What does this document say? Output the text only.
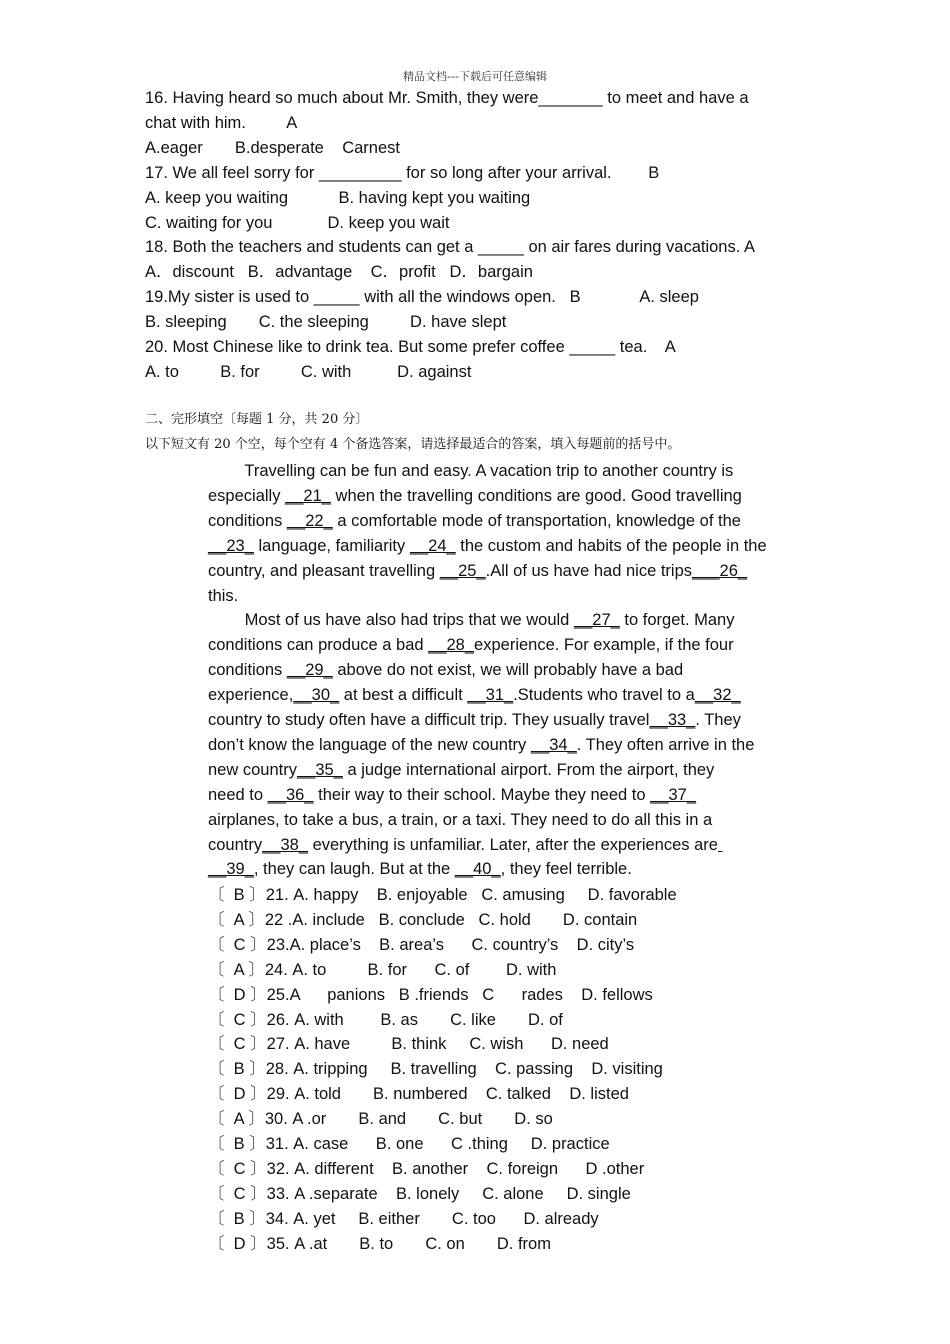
精品文档---下载后可任意编辑
16. Having heard so much about Mr. Smith, they were_______ to meet and have a
chat with him.         A
A.eager       B.desperate    Carnest
17. We all feel sorry for _________ for so long after your arrival.        B
A. keep you waiting           B. having kept you waiting
C. waiting for you            D. keep you wait
18. Both the teachers and students can get a _____ on air fares during vacations. A
A．discount   B．advantage    C．profit   D．bargain
19.My sister is used to _____ with all the windows open.   B             A. sleep
B. sleeping       C. the sleeping         D. have slept
20. Most Chinese like to drink tea. But some prefer coffee _____ tea.    A
A. to         B. for         C. with          D. against
二、完形填空〔每题 1 分，共 20 分〕
以下短文有 20 个空，每个空有 4 个备选答案，请选择最适合的答案，填入每题前的括号中。
Travelling can be fun and easy. A vacation trip to another country is
especially __21_ when the travelling conditions are good. Good travelling
conditions __22_ a comfortable mode of transportation, knowledge of the
__23_ language, familiarity __24_ the custom and habits of the people in the
country, and pleasant travelling __25_.All of us have had nice trips___26_
this.
Most of us have also had trips that we would __27_ to forget. Many
conditions can produce a bad __28_experience. For example, if the four
conditions __29_ above do not exist, we will probably have a bad
experience,__30_ at best a difficult __31_.Students who travel to a__32_
country to study often have a difficult trip. They usually travel__33_. They
don’t know the language of the new country __34_. They often arrive in the
new country__35_ a judge international airport. From the airport, they
need to __36_ their way to their school. Maybe they need to __37_
airplanes, to take a bus, a train, or a taxi. They need to do all this in a
country__38_ everything is unfamiliar. Later, after the experiences are
__39_, they can laugh. But at the __40_, they feel terrible.
〔  B 〕21. A. happy    B. enjoyable   C. amusing     D. favorable
〔  A 〕22 .A. include   B. conclude   C. hold       D. contain
〔  C 〕23.A. place’s    B. area’s      C. country’s    D. city’s
〔  A 〕24. A. to         B. for      C. of        D. with
〔  D 〕25.A      panions   B .friends   C      rades    D. fellows
〔  C 〕26. A. with        B. as       C. like       D. of
〔  C 〕27. A. have         B. think     C. wish      D. need
〔  B 〕28. A. tripping     B. travelling    C. passing    D. visiting
〔  D 〕29. A. told       B. numbered    C. talked    D. listed
〔  A 〕30. A .or       B. and       C. but       D. so
〔  B 〕31. A. case      B. one      C .thing     D. practice
〔  C 〕32. A. different    B. another    C. foreign      D .other
〔  C 〕33. A .separate    B. lonely     C. alone     D. single
〔  B 〕34. A. yet     B. either       C. too      D. already
〔  D 〕35. A .at       B. to       C. on       D. from
